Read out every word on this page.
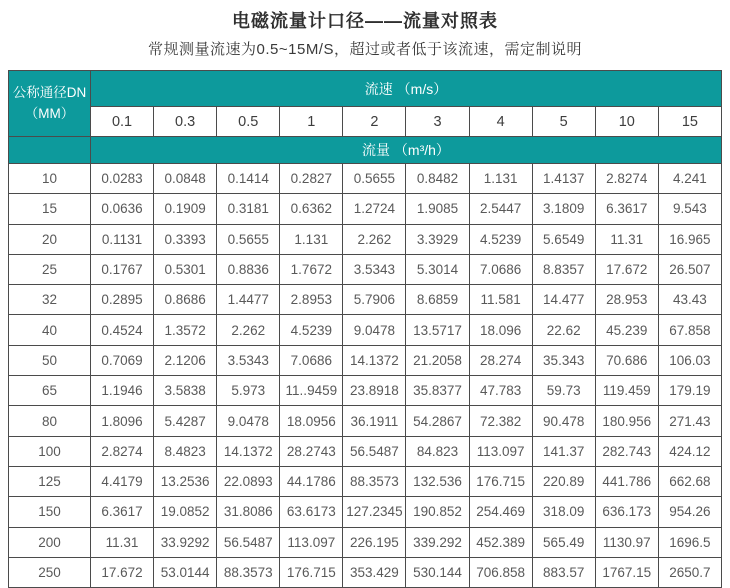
电磁流量计口径——流量对照表

常规测量流速为0.5~15M/S，超过或者低于该流速，需定制说明

公称通径DN
（MM）	流速 （m/s）									
	0.1	0.3	0.5	1	2	3	4	5	10	15
	流量 （m³/h）									
10	0.0283	0.0848	0.1414	0.2827	0.5655	0.8482	1.131	1.4137	2.8274	4.241
15	0.0636	0.1909	0.3181	0.6362	1.2724	1.9085	2.5447	3.1809	6.3617	9.543
20	0.1131	0.3393	0.5655	1.131	2.262	3.3929	4.5239	5.6549	11.31	16.965
25	0.1767	0.5301	0.8836	1.7672	3.5343	5.3014	7.0686	8.8357	17.672	26.507
32	0.2895	0.8686	1.4477	2.8953	5.7906	8.6859	11.581	14.477	28.953	43.43
40	0.4524	1.3572	2.262	4.5239	9.0478	13.5717	18.096	22.62	45.239	67.858
50	0.7069	2.1206	3.5343	7.0686	14.1372	21.2058	28.274	35.343	70.686	106.03
65	1.1946	3.5838	5.973	11..9459	23.8918	35.8377	47.783	59.73	119.459	179.19
80	1.8096	5.4287	9.0478	18.0956	36.1911	54.2867	72.382	90.478	180.956	271.43
100	2.8274	8.4823	14.1372	28.2743	56.5487	84.823	113.097	141.37	282.743	424.12
125	4.4179	13.2536	22.0893	44.1786	88.3573	132.536	176.715	220.89	441.786	662.68
150	6.3617	19.0852	31.8086	63.6173	127.2345	190.852	254.469	318.09	636.173	954.26
200	11.31	33.9292	56.5487	113.097	226.195	339.292	452.389	565.49	1130.97	1696.5
250	17.672	53.0144	88.3573	176.715	353.429	530.144	706.858	883.57	1767.15	2650.7
